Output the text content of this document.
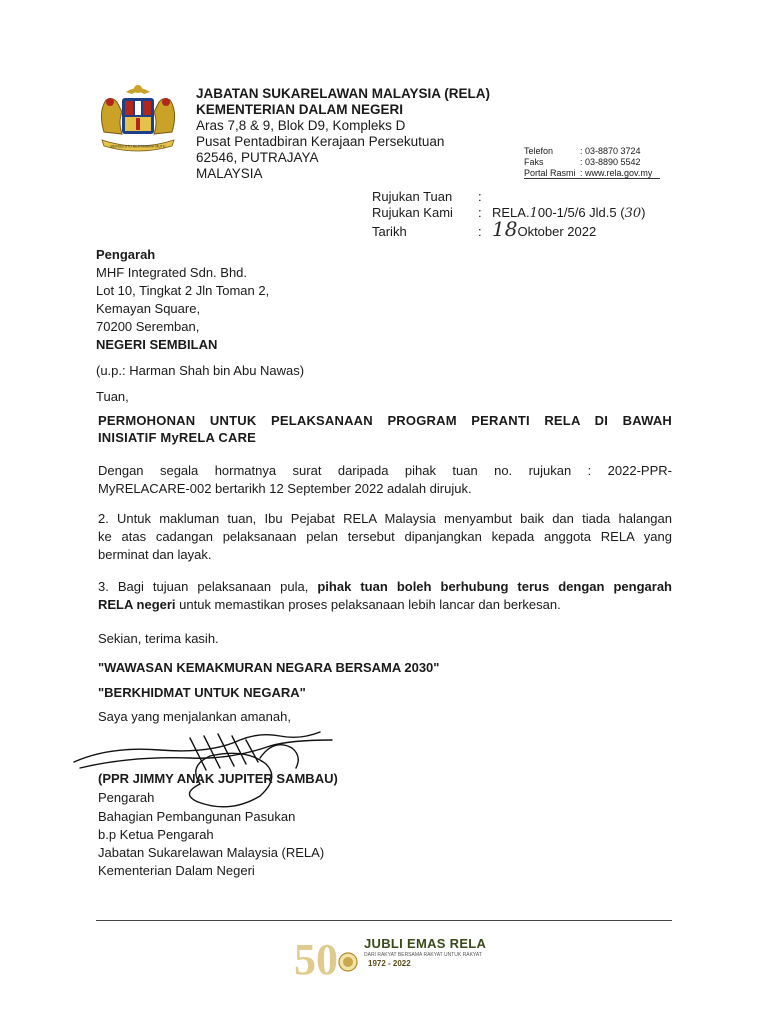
BERSEKUTU BERTAMBAH MUTU
JABATAN SUKARELAWAN MALAYSIA (RELA)
KEMENTERIAN DALAM NEGERI
Aras 7,8 & 9, Blok D9, Kompleks D
Pusat Pentadbiran Kerajaan Persekutuan
62546, PUTRAJAYA
MALAYSIA
Telefon	: 03-8870 3724
Faks	: 03-8890 5542
Portal Rasmi : www.rela.gov.my
Rujukan Tuan :
Rujukan Kami : RELA.100-1/5/6 Jld.5 (30)
Tarikh	: 18Oktober 2022
Pengarah
MHF Integrated Sdn. Bhd.
Lot 10, Tingkat 2 Jln Toman 2,
Kemayan Square,
70200 Seremban,
NEGERI SEMBILAN
(u.p.: Harman Shah bin Abu Nawas)
Tuan,
PERMOHONAN UNTUK PELAKSANAAN PROGRAM PERANTI RELA DI BAWAH
INISIATIF MyRELA CARE
Dengan segala hormatnya surat daripada pihak tuan no. rujukan : 2022-PPR-
MyRELACARE-002 bertarikh 12 September 2022 adalah dirujuk.
2. Untuk makluman tuan, Ibu Pejabat RELA Malaysia menyambut baik dan tiada halangan
ke atas cadangan pelaksanaan pelan tersebut dipanjangkan kepada anggota RELA yang
berminat dan layak.
3. Bagi tujuan pelaksanaan pula, pihak tuan boleh berhubung terus dengan pengarah
RELA negeri untuk memastikan proses pelaksanaan lebih lancar dan berkesan.
Sekian, terima kasih.
"WAWASAN KEMAKMURAN NEGARA BERSAMA 2030"
"BERKHIDMAT UNTUK NEGARA"
Saya yang menjalankan amanah,
(PPR JIMMY ANAK JUPITER SAMBAU)
Pengarah
Bahagian Pembangunan Pasukan
b.p Ketua Pengarah
Jabatan Sukarelawan Malaysia (RELA)
Kementerian Dalam Negeri
50 JUBLI EMAS RELA
DARI RAKYAT BERSAMA RAKYAT UNTUK RAKYAT
1972 - 2022
